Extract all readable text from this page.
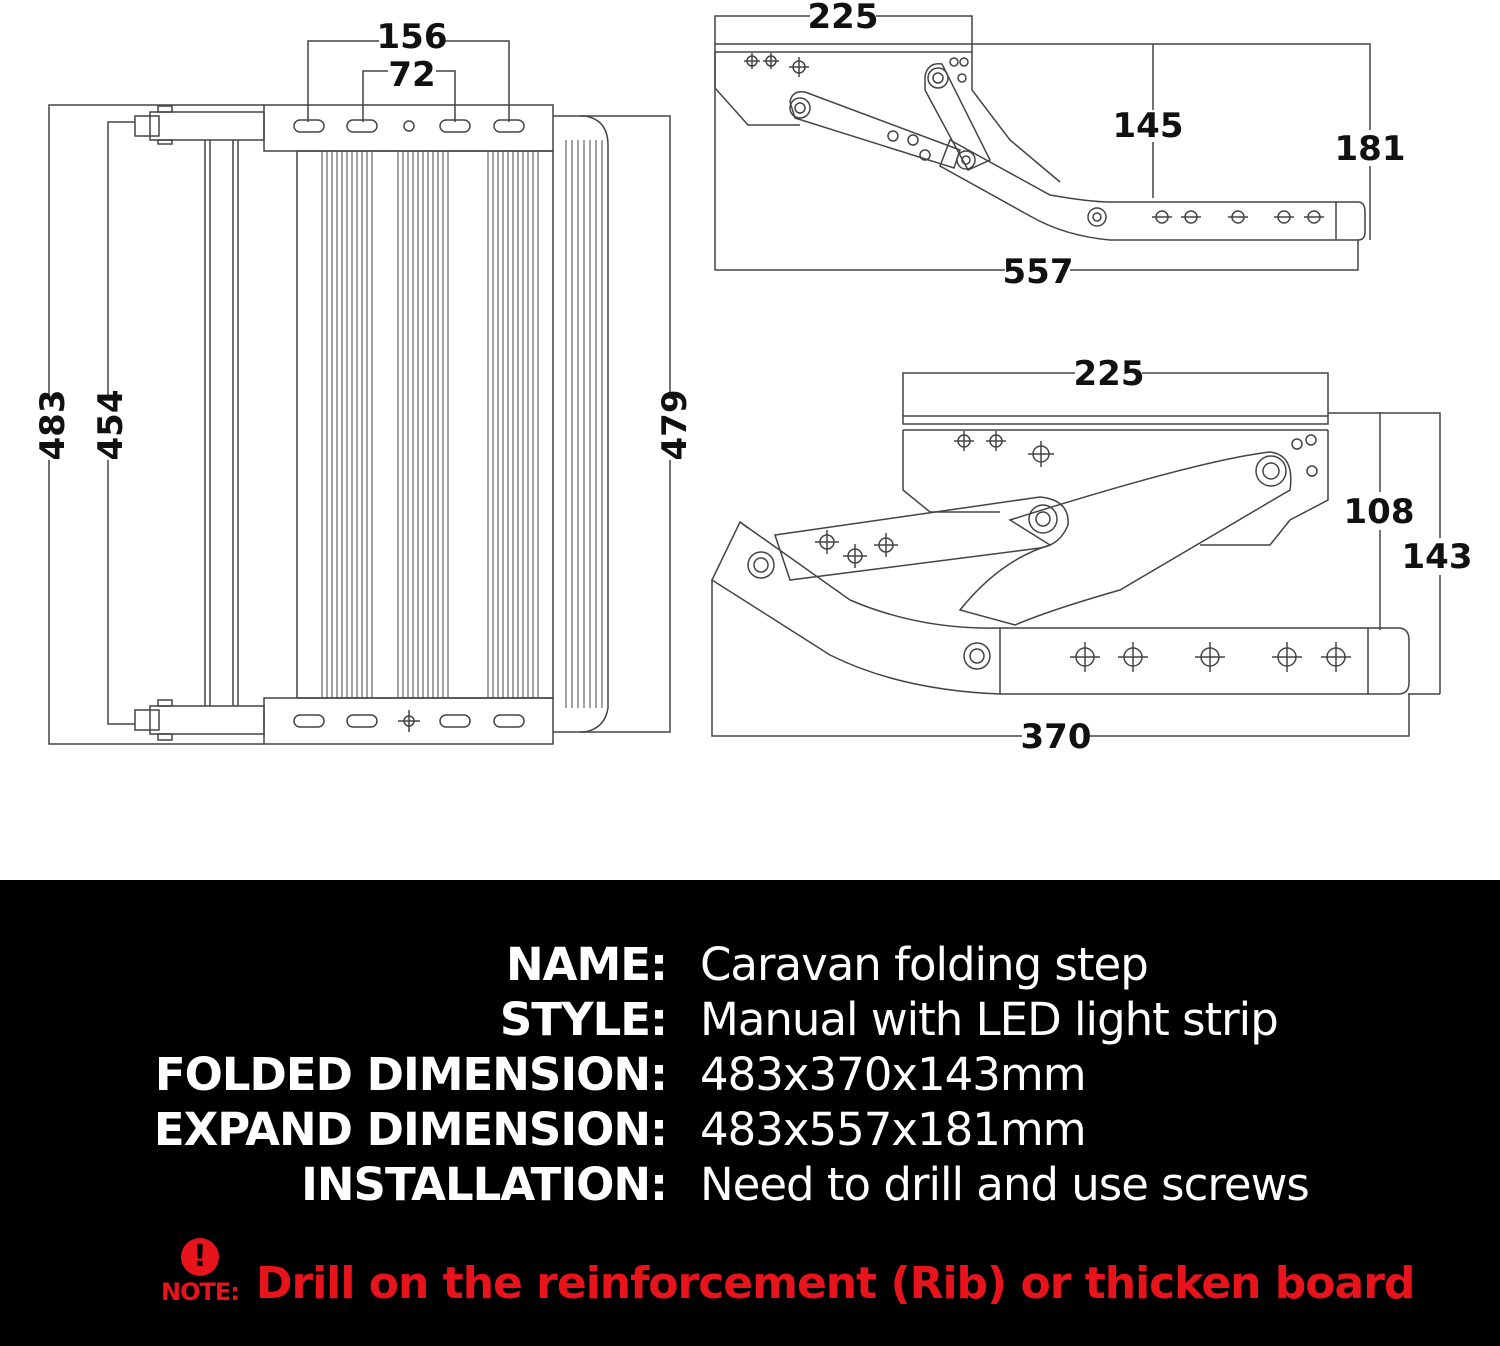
156
72
483 454	479
225
145
181
557
225
108
143
370
NAME: Caravan folding step
STYLE: Manual with LED light strip
FOLDED DIMENSION: 483x370x143mm
EXPAND DIMENSION: 483x557x181mm
INSTALLATION: Need to drill and use screws
!
NOTE: Drill on the reinforcement (Rib) or thicken board
